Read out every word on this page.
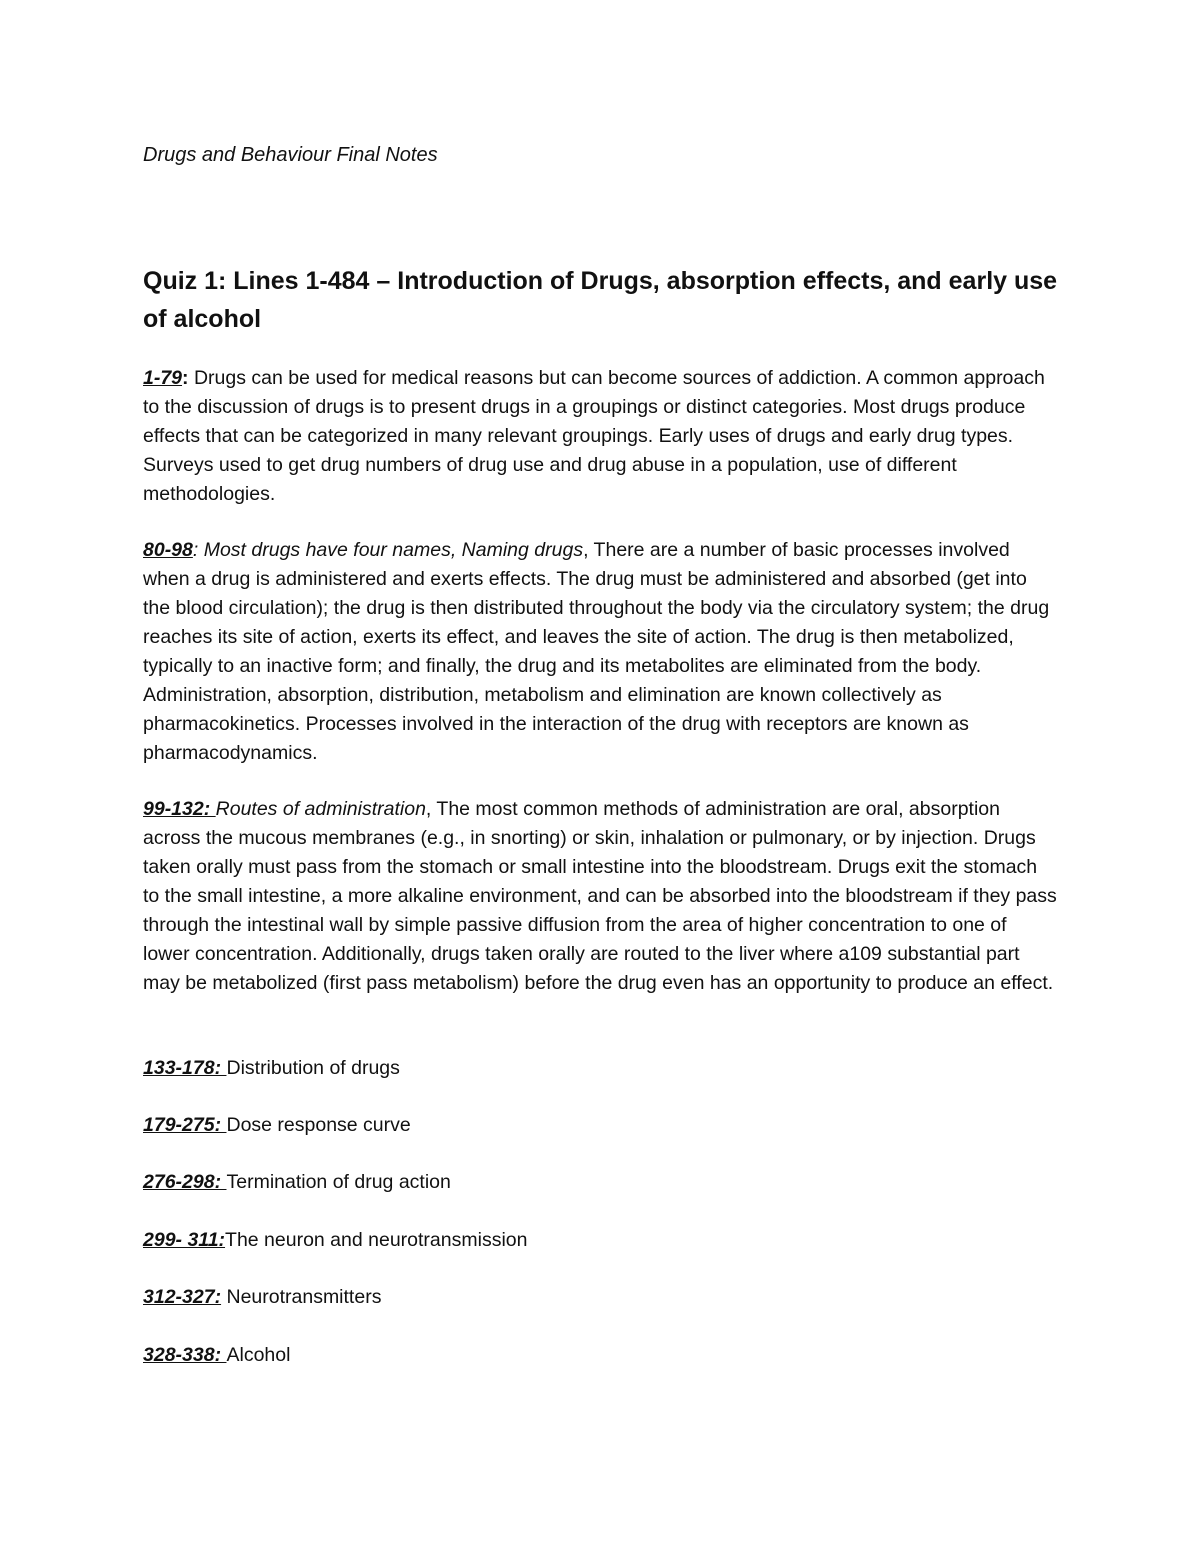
Drugs and Behaviour Final Notes

Quiz 1: Lines 1-484 – Introduction of Drugs, absorption effects, and early use of alcohol

1-79: Drugs can be used for medical reasons but can become sources of addiction. A common approach to the discussion of drugs is to present drugs in a groupings or distinct categories. Most drugs produce effects that can be categorized in many relevant groupings. Early uses of drugs and early drug types. Surveys used to get drug numbers of drug use and drug abuse in a population, use of different methodologies.

80-98: Most drugs have four names, Naming drugs, There are a number of basic processes involved when a drug is administered and exerts effects. The drug must be administered and absorbed (get into the blood circulation); the drug is then distributed throughout the body via the circulatory system; the drug reaches its site of action, exerts its effect, and leaves the site of action. The drug is then metabolized, typically to an inactive form; and finally, the drug and its metabolites are eliminated from the body. Administration, absorption, distribution, metabolism and elimination are known collectively as pharmacokinetics. Processes involved in the interaction of the drug with receptors are known as pharmacodynamics.

99-132: Routes of administration, The most common methods of administration are oral, absorption across the mucous membranes (e.g., in snorting) or skin, inhalation or pulmonary, or by injection. Drugs taken orally must pass from the stomach or small intestine into the bloodstream. Drugs exit the stomach to the small intestine, a more alkaline environment, and can be absorbed into the bloodstream if they pass through the intestinal wall by simple passive diffusion from the area of higher concentration to one of lower concentration. Additionally, drugs taken orally are routed to the liver where a109 substantial part may be metabolized (first pass metabolism) before the drug even has an opportunity to produce an effect.

133-178: Distribution of drugs

179-275: Dose response curve

276-298: Termination of drug action

299- 311:The neuron and neurotransmission

312-327: Neurotransmitters

328-338: Alcohol
